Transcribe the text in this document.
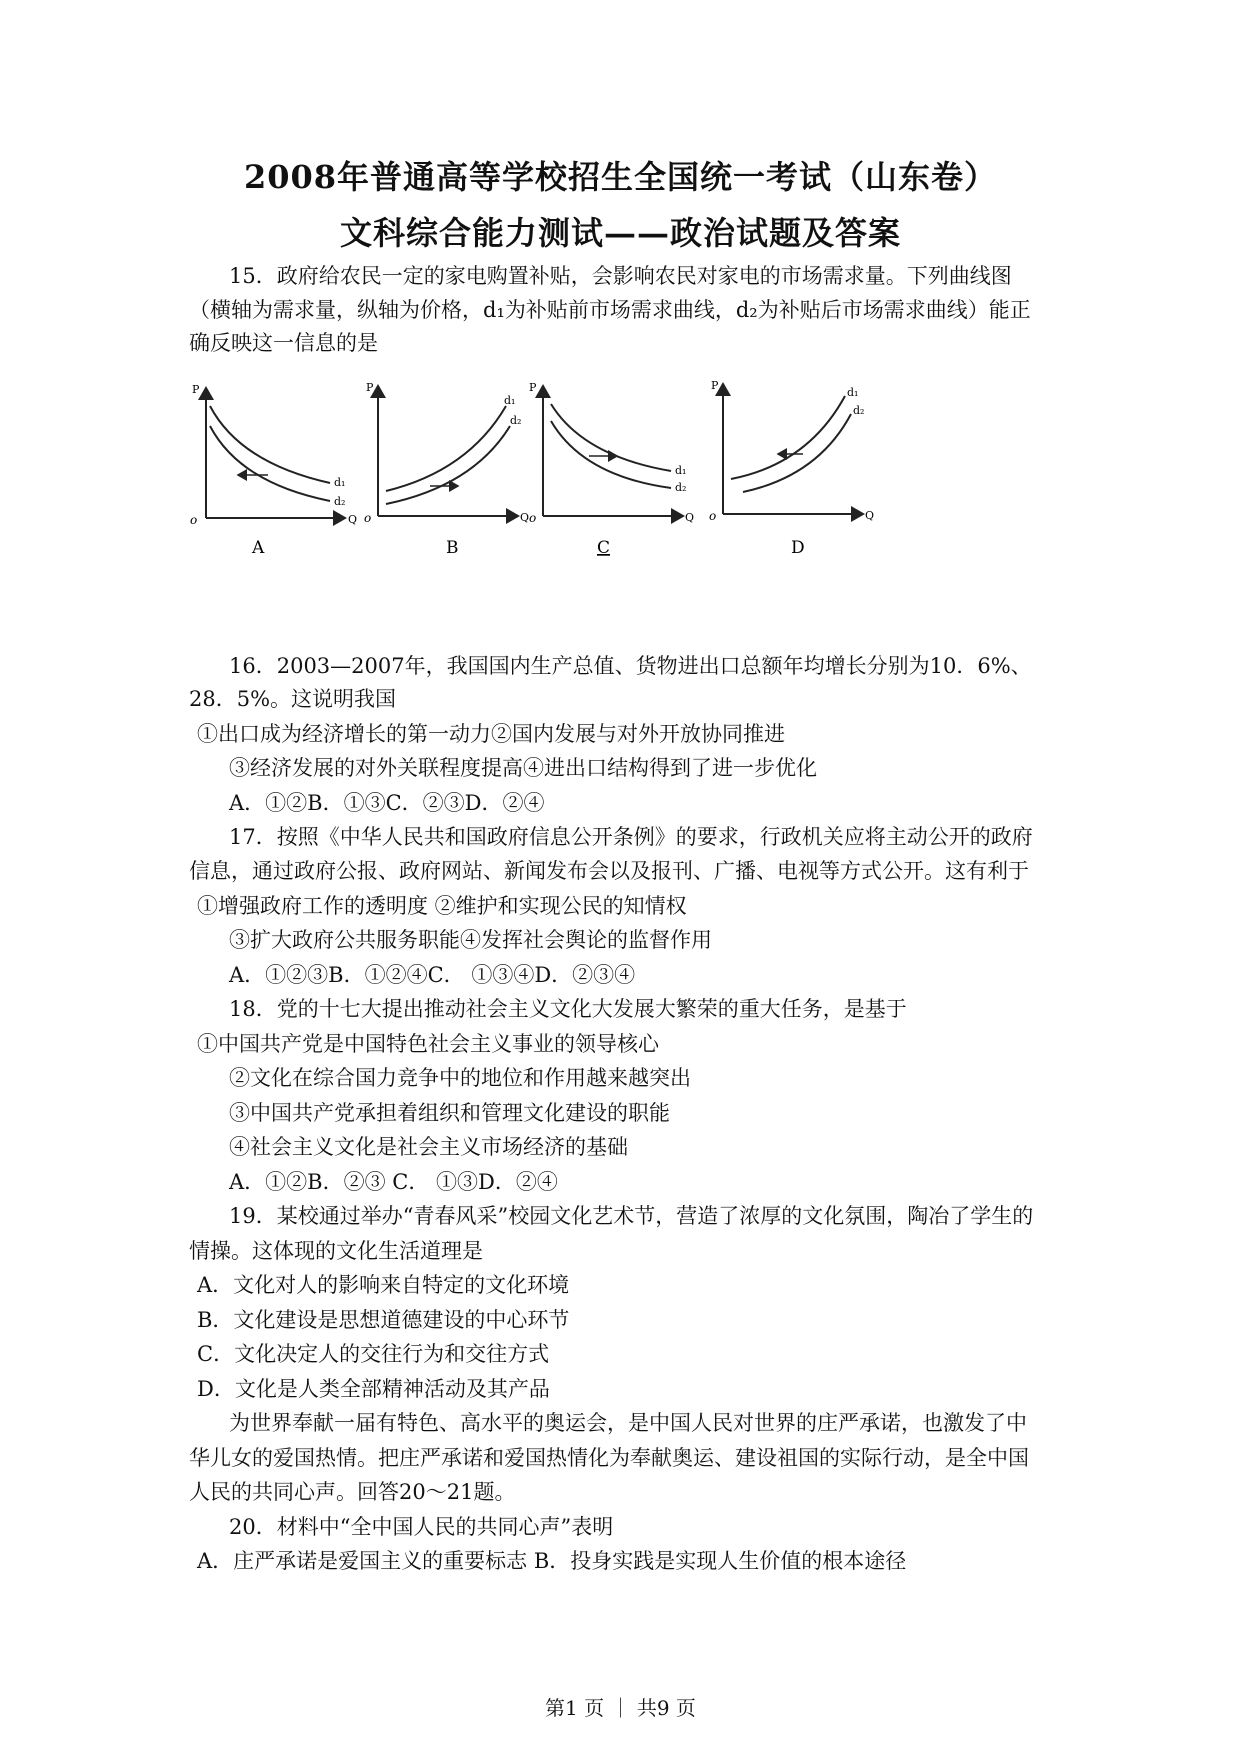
2008年普通高等学校招生全国统一考试（山东卷）
文科综合能力测试——政治试题及答案
15．政府给农民一定的家电购置补贴，会影响农民对家电的市场需求量。下列曲线图
（横轴为需求量，纵轴为价格，d₁为补贴前市场需求曲线，d₂为补贴后市场需求曲线）能正
确反映这一信息的是
P
o	Q
d₁
d₂
A
P
o	Q
d₁
d₂
B
P
o	Q
d₁
d₂
C
P
o	Q
d₁
d₂
D
16．2003—2007年，我国国内生产总值、货物进出口总额年均增长分别为10．6%、
28．5%。这说明我国
①出口成为经济增长的第一动力②国内发展与对外开放协同推进
③经济发展的对外关联程度提高④进出口结构得到了进一步优化
A．①②B．①③C．②③D．②④
17．按照《中华人民共和国政府信息公开条例》的要求，行政机关应将主动公开的政府
信息，通过政府公报、政府网站、新闻发布会以及报刊、广播、电视等方式公开。这有利于
①增强政府工作的透明度 ②维护和实现公民的知情权
③扩大政府公共服务职能④发挥社会舆论的监督作用
A．①②③B．①②④C． ①③④D．②③④
18．党的十七大提出推动社会主义文化大发展大繁荣的重大任务，是基于
①中国共产党是中国特色社会主义事业的领导核心
②文化在综合国力竞争中的地位和作用越来越突出
③中国共产党承担着组织和管理文化建设的职能
④社会主义文化是社会主义市场经济的基础
A．①②B．②③ C． ①③D．②④
19．某校通过举办“青春风采”校园文化艺术节，营造了浓厚的文化氛围，陶冶了学生的
情操。这体现的文化生活道理是
A．文化对人的影响来自特定的文化环境
B．文化建设是思想道德建设的中心环节
C．文化决定人的交往行为和交往方式
D．文化是人类全部精神活动及其产品
为世界奉献一届有特色、高水平的奥运会，是中国人民对世界的庄严承诺，也激发了中
华儿女的爱国热情。把庄严承诺和爱国热情化为奉献奥运、建设祖国的实际行动，是全中国
人民的共同心声。回答20～21题。
20．材料中“全中国人民的共同心声”表明
A．庄严承诺是爱国主义的重要标志 B．投身实践是实现人生价值的根本途径
第1 页 ｜ 共9 页
